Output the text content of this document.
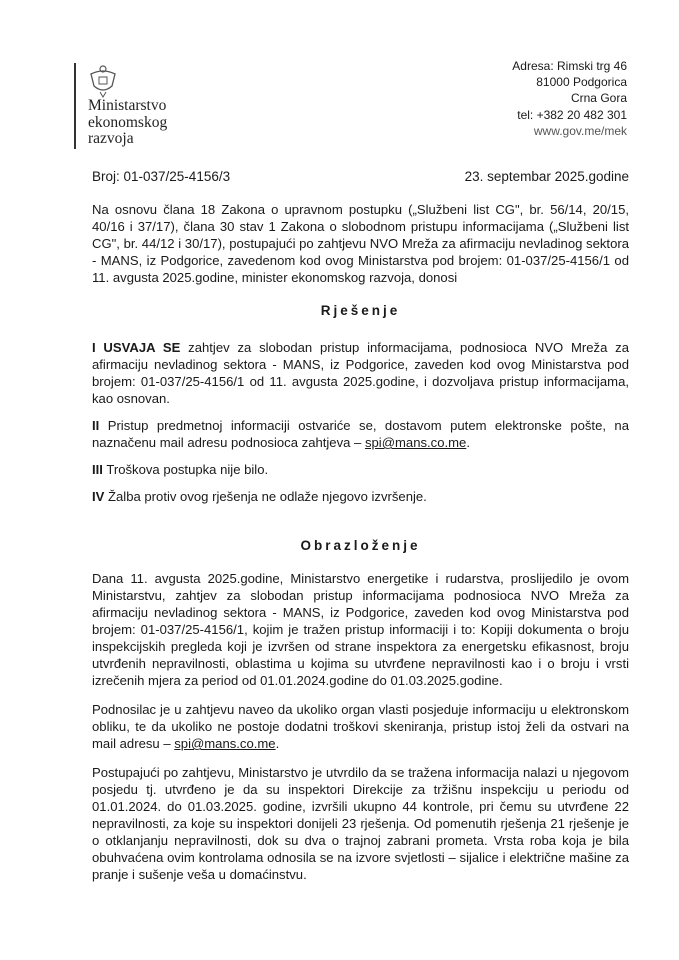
Ministarstvo
ekonomskog
razvoja
Adresa: Rimski trg 46
81000 Podgorica
Crna Gora
tel: +382 20 482 301
www.gov.me/mek
Broj: 01-037/25-4156/3	23. septembar 2025.godine

Na osnovu člana 18 Zakona o upravnom postupku („Službeni list CG", br. 56/14, 20/15, 40/16 i 37/17), člana 30 stav 1 Zakona o slobodnom pristupu informacijama („Službeni list CG", br. 44/12 i 30/17), postupajući po zahtjevu NVO Mreža za afirmaciju nevladinog sektora - MANS, iz Podgorice, zavedenom kod ovog Ministarstva pod brojem: 01-037/25-4156/1 od 11. avgusta 2025.godine, minister ekonomskog razvoja, donosi

Rješenje

I USVAJA SE zahtjev za slobodan pristup informacijama, podnosioca NVO Mreža za afirmaciju nevladinog sektora - MANS, iz Podgorice, zaveden kod ovog Ministarstva pod brojem: 01-037/25-4156/1 od 11. avgusta 2025.godine, i dozvoljava pristup informacijama, kao osnovan.

II Pristup predmetnoj informaciji ostvariće se, dostavom putem elektronske pošte, na naznačenu mail adresu podnosioca zahtjeva – spi@mans.co.me.

III Troškova postupka nije bilo.

IV Žalba protiv ovog rješenja ne odlaže njegovo izvršenje.

Obrazloženje

Dana 11. avgusta 2025.godine, Ministarstvo energetike i rudarstva, proslijedilo je ovom Ministarstvu, zahtjev za slobodan pristup informacijama podnosioca NVO Mreža za afirmaciju nevladinog sektora - MANS, iz Podgorice, zaveden kod ovog Ministarstva pod brojem: 01-037/25-4156/1, kojim je tražen pristup informaciji i to: Kopiji dokumenta o broju inspekcijskih pregleda koji je izvršen od strane inspektora za energetsku efikasnost, broju utvrđenih nepravilnosti, oblastima u kojima su utvrđene nepravilnosti kao i o broju i vrsti izrečenih mjera za period od 01.01.2024.godine do 01.03.2025.godine.

Podnosilac je u zahtjevu naveo da ukoliko organ vlasti posjeduje informaciju u elektronskom obliku, te da ukoliko ne postoje dodatni troškovi skeniranja, pristup istoj želi da ostvari na mail adresu – spi@mans.co.me.

Postupajući po zahtjevu, Ministarstvo je utvrdilo da se tražena informacija nalazi u njegovom posjedu tj. utvrđeno je da su inspektori Direkcije za tržišnu inspekciju u periodu od 01.01.2024. do 01.03.2025. godine, izvršili ukupno 44 kontrole, pri čemu su utvrđene 22 nepravilnosti, za koje su inspektori donijeli 23 rješenja. Od pomenutih rješenja 21 rješenje je o otklanjanju nepravilnosti, dok su dva o trajnoj zabrani prometa. Vrsta roba koja je bila obuhvaćena ovim kontrolama odnosila se na izvore svjetlosti – sijalice i električne mašine za pranje i sušenje veša u domaćinstvu.
